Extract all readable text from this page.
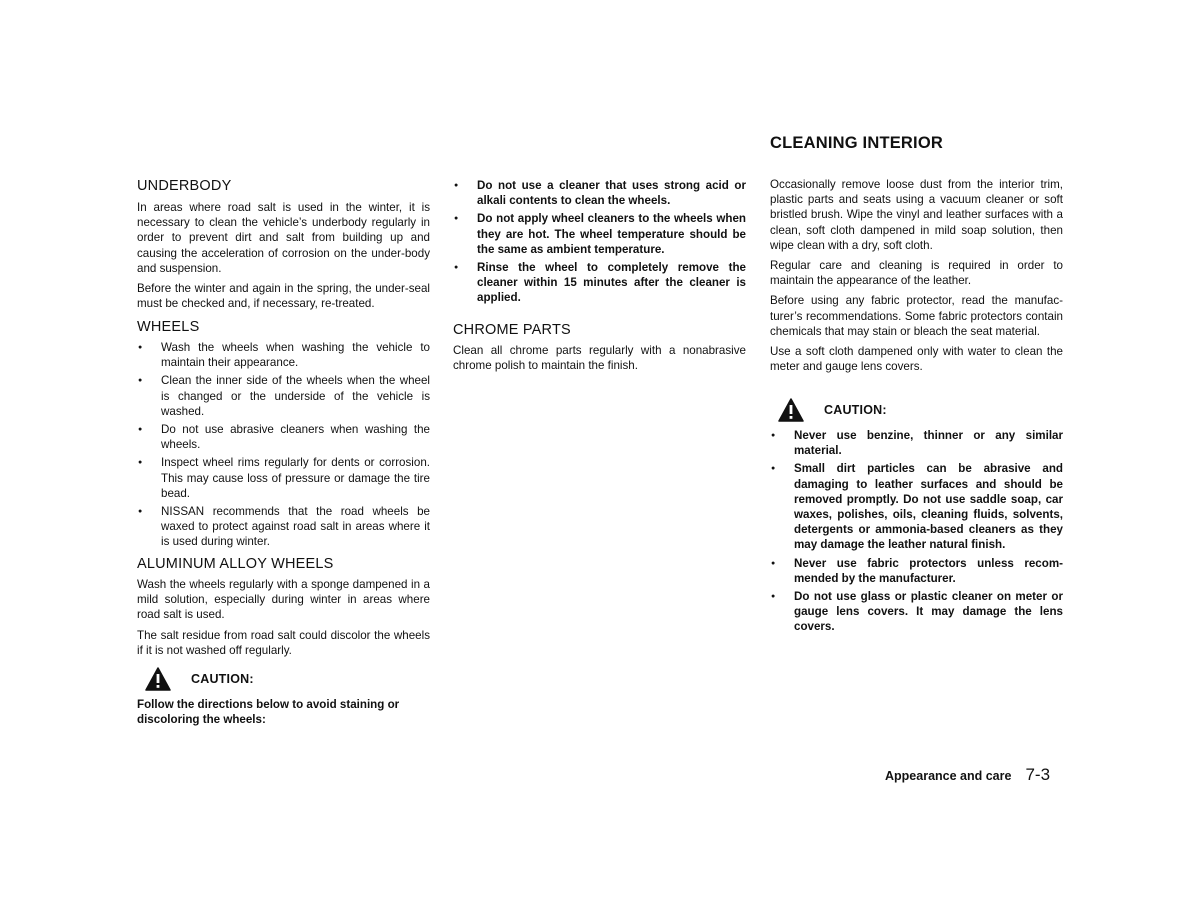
UNDERBODY

In areas where road salt is used in the winter, it is necessary to clean the vehicle’s underbody regularly in order to prevent dirt and salt from building up and causing the acceleration of corrosion on the under-body and suspension.

Before the winter and again in the spring, the under-seal must be checked and, if necessary, re-treated.

WHEELS
● Wash the wheels when washing the vehicle to maintain their appearance.
● Clean the inner side of the wheels when the wheel is changed or the underside of the vehicle is washed.
● Do not use abrasive cleaners when washing the wheels.
● Inspect wheel rims regularly for dents or corrosion. This may cause loss of pressure or damage the tire bead.
● NISSAN recommends that the road wheels be waxed to protect against road salt in areas where it is used during winter.
ALUMINUM ALLOY WHEELS

Wash the wheels regularly with a sponge dampened in a mild solution, especially during winter in areas where road salt is used.

The salt residue from road salt could discolor the wheels if it is not washed off regularly.

CAUTION:

Follow the directions below to avoid staining or discoloring the wheels:

● Do not use a cleaner that uses strong acid or alkali contents to clean the wheels.
● Do not apply wheel cleaners to the wheels when they are hot. The wheel temperature should be the same as ambient temperature.
● Rinse the wheel to completely remove the cleaner within 15 minutes after the cleaner is applied.
CHROME PARTS

Clean all chrome parts regularly with a nonabrasive chrome polish to maintain the finish.

CLEANING INTERIOR

Occasionally remove loose dust from the interior trim, plastic parts and seats using a vacuum cleaner or soft bristled brush. Wipe the vinyl and leather surfaces with a clean, soft cloth dampened in mild soap solution, then wipe clean with a dry, soft cloth.

Regular care and cleaning is required in order to maintain the appearance of the leather.

Before using any fabric protector, read the manufac-turer’s recommendations. Some fabric protectors contain chemicals that may stain or bleach the seat material.

Use a soft cloth dampened only with water to clean the meter and gauge lens covers.

CAUTION:
● Never use benzine, thinner or any similar material.
● Small dirt particles can be abrasive and damaging to leather surfaces and should be removed promptly. Do not use saddle soap, car waxes, polishes, oils, cleaning fluids, solvents, detergents or ammonia-based cleaners as they may damage the leather natural finish.
● Never use fabric protectors unless recom-mended by the manufacturer.
● Do not use glass or plastic cleaner on meter or gauge lens covers. It may damage the lens covers.
Appearance and care 7-3
